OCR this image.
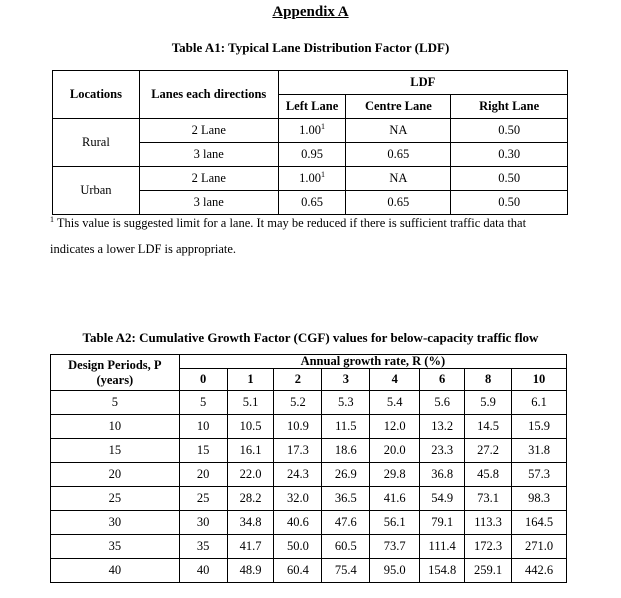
Appendix A
Table A1: Typical Lane Distribution Factor (LDF)
Locations	Lanes each directions	LDF		
		Left Lane	Centre Lane	Right Lane
Rural	2 Lane	1.00$^1$	NA	0.50
	3 lane	0.95	0.65	0.30
Urban	2 Lane	1.00$^1$	NA	0.50
	3 lane	0.65	0.65	0.50
$^1$ This value is suggested limit for a lane. It may be reduced if there is sufficient traffic data that
indicates a lower LDF is appropriate.
Table A2: Cumulative Growth Factor (CGF) values for below-capacity traffic flow
Design Periods, P
(years)	Annual growth rate, R (%)							
	0	1	2	3	4	6	8	10
5	5	5.1	5.2	5.3	5.4	5.6	5.9	6.1
10	10	10.5	10.9	11.5	12.0	13.2	14.5	15.9
15	15	16.1	17.3	18.6	20.0	23.3	27.2	31.8
20	20	22.0	24.3	26.9	29.8	36.8	45.8	57.3
25	25	28.2	32.0	36.5	41.6	54.9	73.1	98.3
30	30	34.8	40.6	47.6	56.1	79.1	113.3	164.5
35	35	41.7	50.0	60.5	73.7	111.4	172.3	271.0
40	40	48.9	60.4	75.4	95.0	154.8	259.1	442.6
